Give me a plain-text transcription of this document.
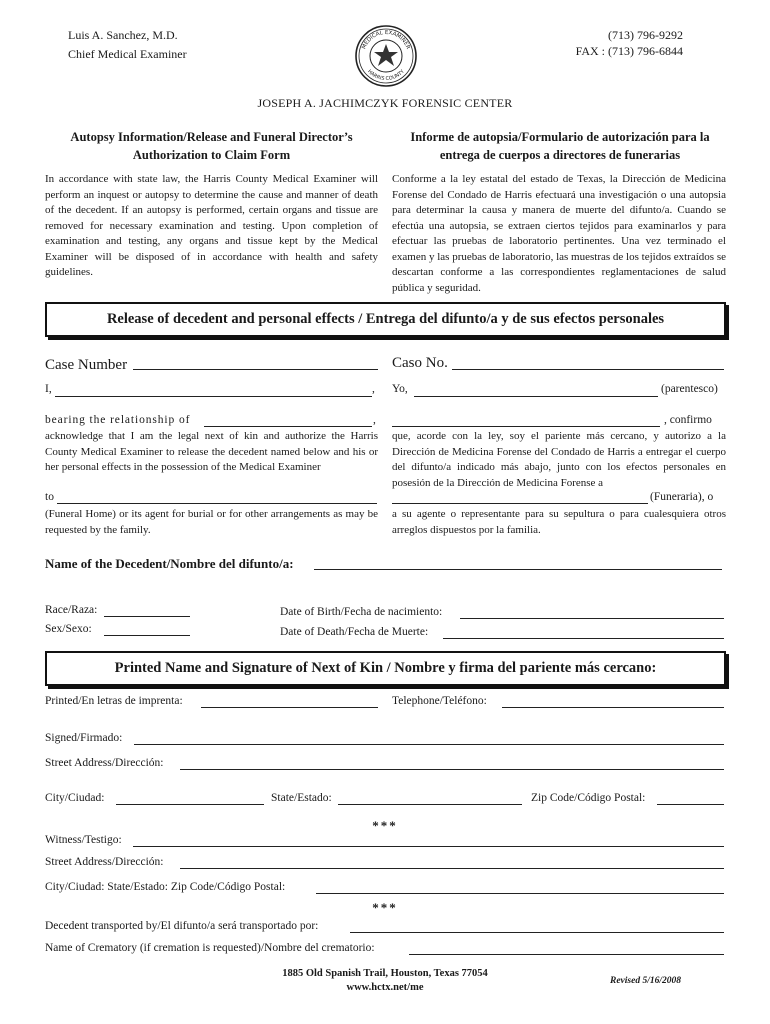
Luis A. Sanchez, M.D.
Chief Medical Examiner
(713) 796-9292
FAX : (713) 796-6844
MEDICAL EXAMINER
HARRIS COUNTY
JOSEPH A. JACHIMCZYK FORENSIC CENTER
Autopsy Information/Release and Funeral Director’s
Authorization to Claim Form
Informe de autopsia/Formulario de autorización para la
entrega de cuerpos a directores de funerarias
In accordance with state law, the Harris County Medical Examiner will perform an inquest or autopsy to determine the cause and manner of death of the decedent. If an autopsy is performed, certain organs and tissue are removed for necessary examination and testing. Upon completion of examination and testing, any organs and tissue kept by the Medical Examiner will be disposed of in accordance with health and safety guidelines.
Conforme a la ley estatal del estado de Texas, la Dirección de Medicina Forense del Condado de Harris efectuará una investigación o una autopsia para determinar la causa y manera de muerte del difunto/a. Cuando se efectúa una autopsia, se extraen ciertos tejidos para examinarlos y para efectuar las pruebas de laboratorio pertinentes. Una vez terminado el examen y las pruebas de laboratorio, las muestras de los tejidos extraídos se descartan conforme a las correspondientes reglamentaciones de salud pública y seguridad.
Release of decedent and personal effects / Entrega del difunto/a y de sus efectos personales
Case Number	Caso No.
I,	, Yo,	(parentesco)
bearing the relationship of	,	, confirmo
acknowledge that I am the legal next of kin and authorize the Harris County Medical Examiner to release the decedent named below and his or her personal effects in the possession of the Medical Examiner
que, acorde con la ley, soy el pariente más cercano, y autorizo a la Dirección de Medicina Forense del Condado de Harris a entregar el cuerpo del difunto/a indicado más abajo, junto con los efectos personales en posesión de la Dirección de Medicina Forense a
to	(Funeraria), o
(Funeral Home) or its agent for burial or for other arrangements as may be requested by the family.
a su agente o representante para su sepultura o para cualesquiera otros arreglos dispuestos por la familia.
Name of the Decedent/Nombre del difunto/a:
Race/Raza:
Sex/Sexo:
Date of Birth/Fecha de nacimiento:
Date of Death/Fecha de Muerte:
Printed Name and Signature of Next of Kin / Nombre y firma del pariente más cercano:
Printed/En letras de imprenta:	Telephone/Teléfono:
Signed/Firmado:
Street Address/Dirección:
City/Ciudad:	State/Estado:	Zip Code/Código Postal:
***
Witness/Testigo:
Street Address/Dirección:
City/Ciudad: State/Estado: Zip Code/Código Postal:
***
Decedent transported by/El difunto/a será transportado por:
Name of Crematory (if cremation is requested)/Nombre del crematorio:
1885 Old Spanish Trail, Houston, Texas 77054
www.hctx.net/me
Revised 5/16/2008
